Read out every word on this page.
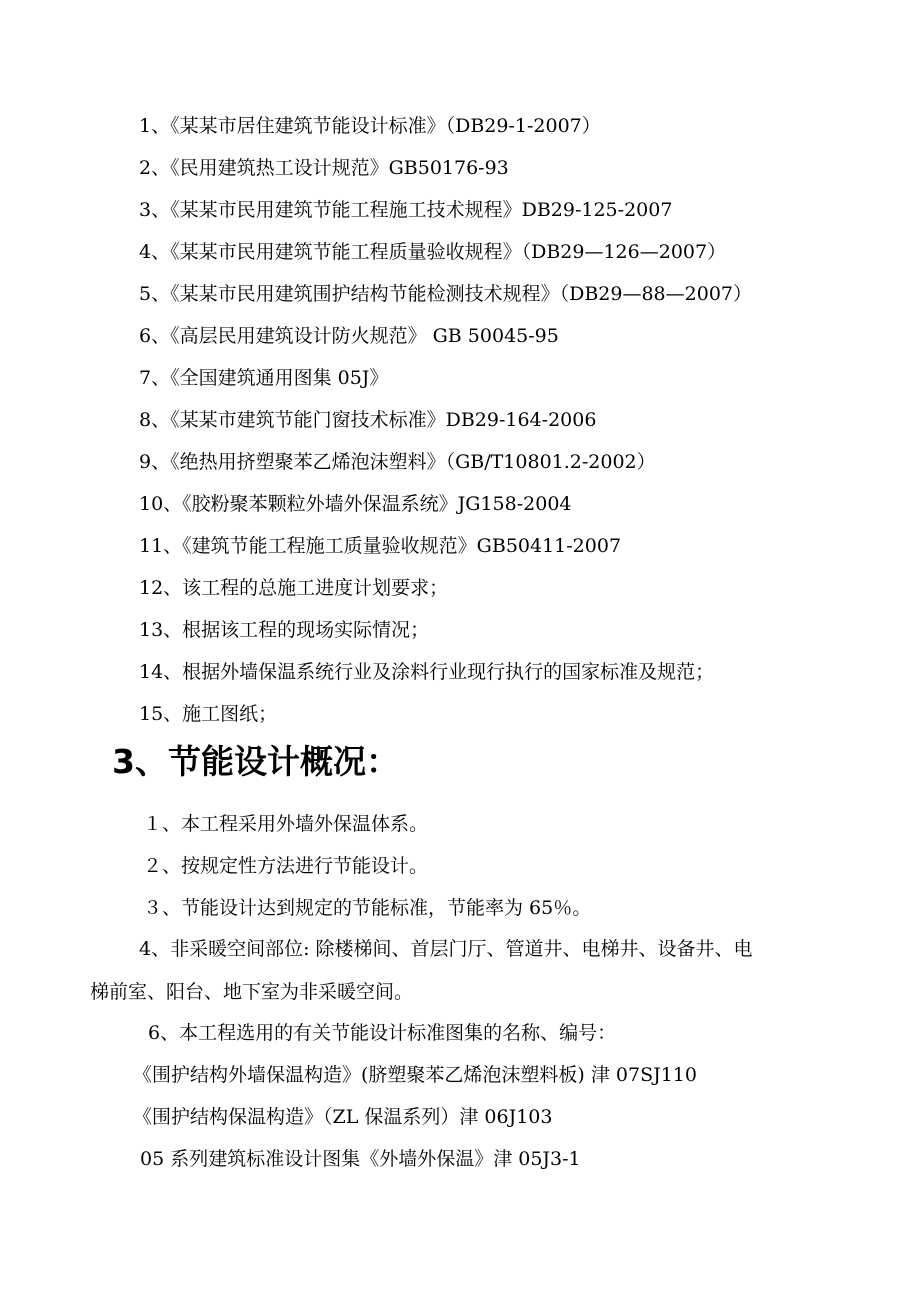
1、《某某市居住建筑节能设计标准》（DB29-1-2007）
2、《民用建筑热工设计规范》GB50176-93
3、《某某市民用建筑节能工程施工技术规程》DB29-125-2007
4、《某某市民用建筑节能工程质量验收规程》（DB29—126—2007）
5、《某某市民用建筑围护结构节能检测技术规程》（DB29—88—2007）
6、《高层民用建筑设计防火规范》 GB 50045-95
7、《全国建筑通用图集 05J》
8、《某某市建筑节能门窗技术标准》DB29-164-2006
9、《绝热用挤塑聚苯乙烯泡沫塑料》（GB/T10801.2-2002）
10、《胶粉聚苯颗粒外墙外保温系统》JG158-2004
11、《建筑节能工程施工质量验收规范》GB50411-2007
12、该工程的总施工进度计划要求；
13、根据该工程的现场实际情况；
14、根据外墙保温系统行业及涂料行业现行执行的国家标准及规范；
15、施工图纸；
3、节能设计概况：
１、本工程采用外墙外保温体系。
２、按规定性方法进行节能设计。
３、节能设计达到规定的节能标准，节能率为 65％。
4、非采暖空间部位: 除楼梯间、首层门厅、管道井、电梯井、设备井、电
梯前室、阳台、地下室为非采暖空间。
6、本工程选用的有关节能设计标准图集的名称、编号：
《围护结构外墙保温构造》(脐塑聚苯乙烯泡沫塑料板) 津 07SJ110
《围护结构保温构造》（ZL 保温系列）津 06J103
05 系列建筑标准设计图集《外墙外保温》津 05J3-1
